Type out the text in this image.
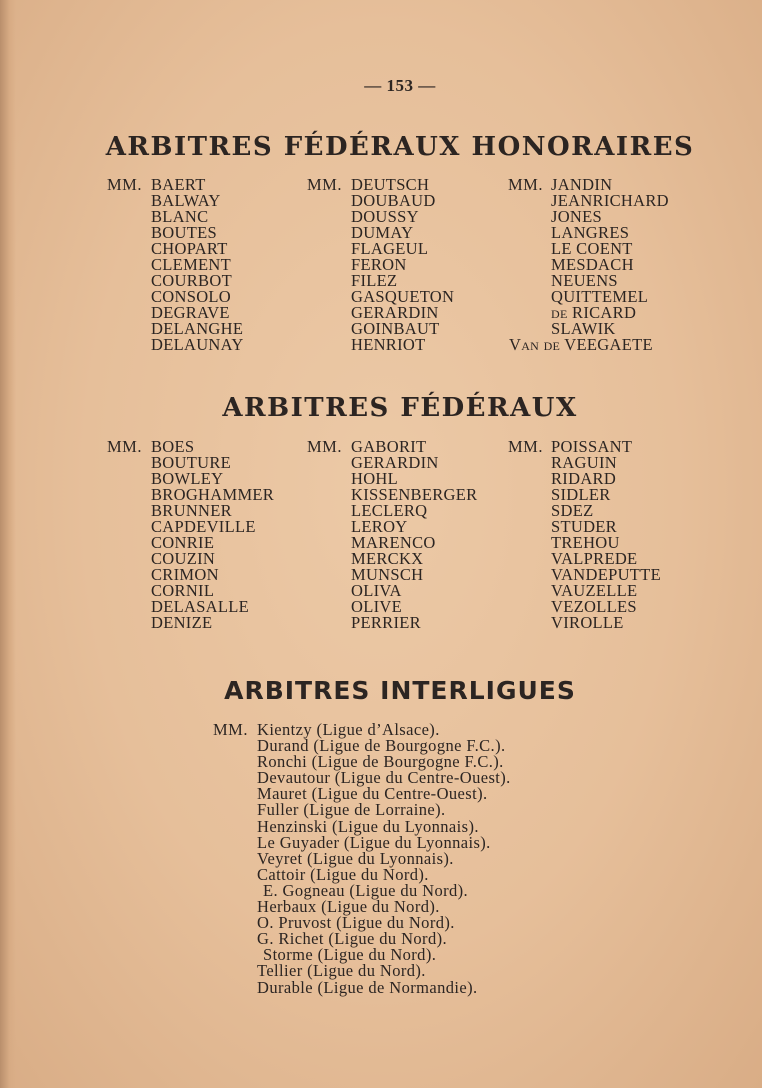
— 153 —
ARBITRES FÉDÉRAUX HONORAIRES
MM. BAERT
BALWAY
BLANC
BOUTES
CHOPART
CLEMENT
COURBOT
CONSOLO
DEGRAVE
DELANGHE
DELAUNAY
MM. DEUTSCH
DOUBAUD
DOUSSY
DUMAY
FLAGEUL
FERON
FILEZ
GASQUETON
GERARDIN
GOINBAUT
HENRIOT
MM. JANDIN
JEANRICHARD
JONES
LANGRES
LE COENT
MESDACH
NEUENS
QUITTEMEL
de RICARD
SLAWIK
Van de VEEGAETE
ARBITRES FÉDÉRAUX
MM. BOES
BOUTURE
BOWLEY
BROGHAMMER
BRUNNER
CAPDEVILLE
CONRIE
COUZIN
CRIMON
CORNIL
DELASALLE
DENIZE
MM. GABORIT
GERARDIN
HOHL
KISSENBERGER
LECLERQ
LEROY
MARENCO
MERCKX
MUNSCH
OLIVA
OLIVE
PERRIER
MM. POISSANT
RAGUIN
RIDARD
SIDLER
SDEZ
STUDER
TREHOU
VALPREDE
VANDEPUTTE
VAUZELLE
VEZOLLES
VIROLLE
ARBITRES INTERLIGUES
MM. Kientzy (Ligue d’Alsace).
Durand (Ligue de Bourgogne F.C.).
Ronchi (Ligue de Bourgogne F.C.).
Devautour (Ligue du Centre-Ouest).
Mauret (Ligue du Centre-Ouest).
Fuller (Ligue de Lorraine).
Henzinski (Ligue du Lyonnais).
Le Guyader (Ligue du Lyonnais).
Veyret (Ligue du Lyonnais).
Cattoir (Ligue du Nord).
E. Gogneau (Ligue du Nord).
Herbaux (Ligue du Nord).
O. Pruvost (Ligue du Nord).
G. Richet (Ligue du Nord).
Storme (Ligue du Nord).
Tellier (Ligue du Nord).
Durable (Ligue de Normandie).
